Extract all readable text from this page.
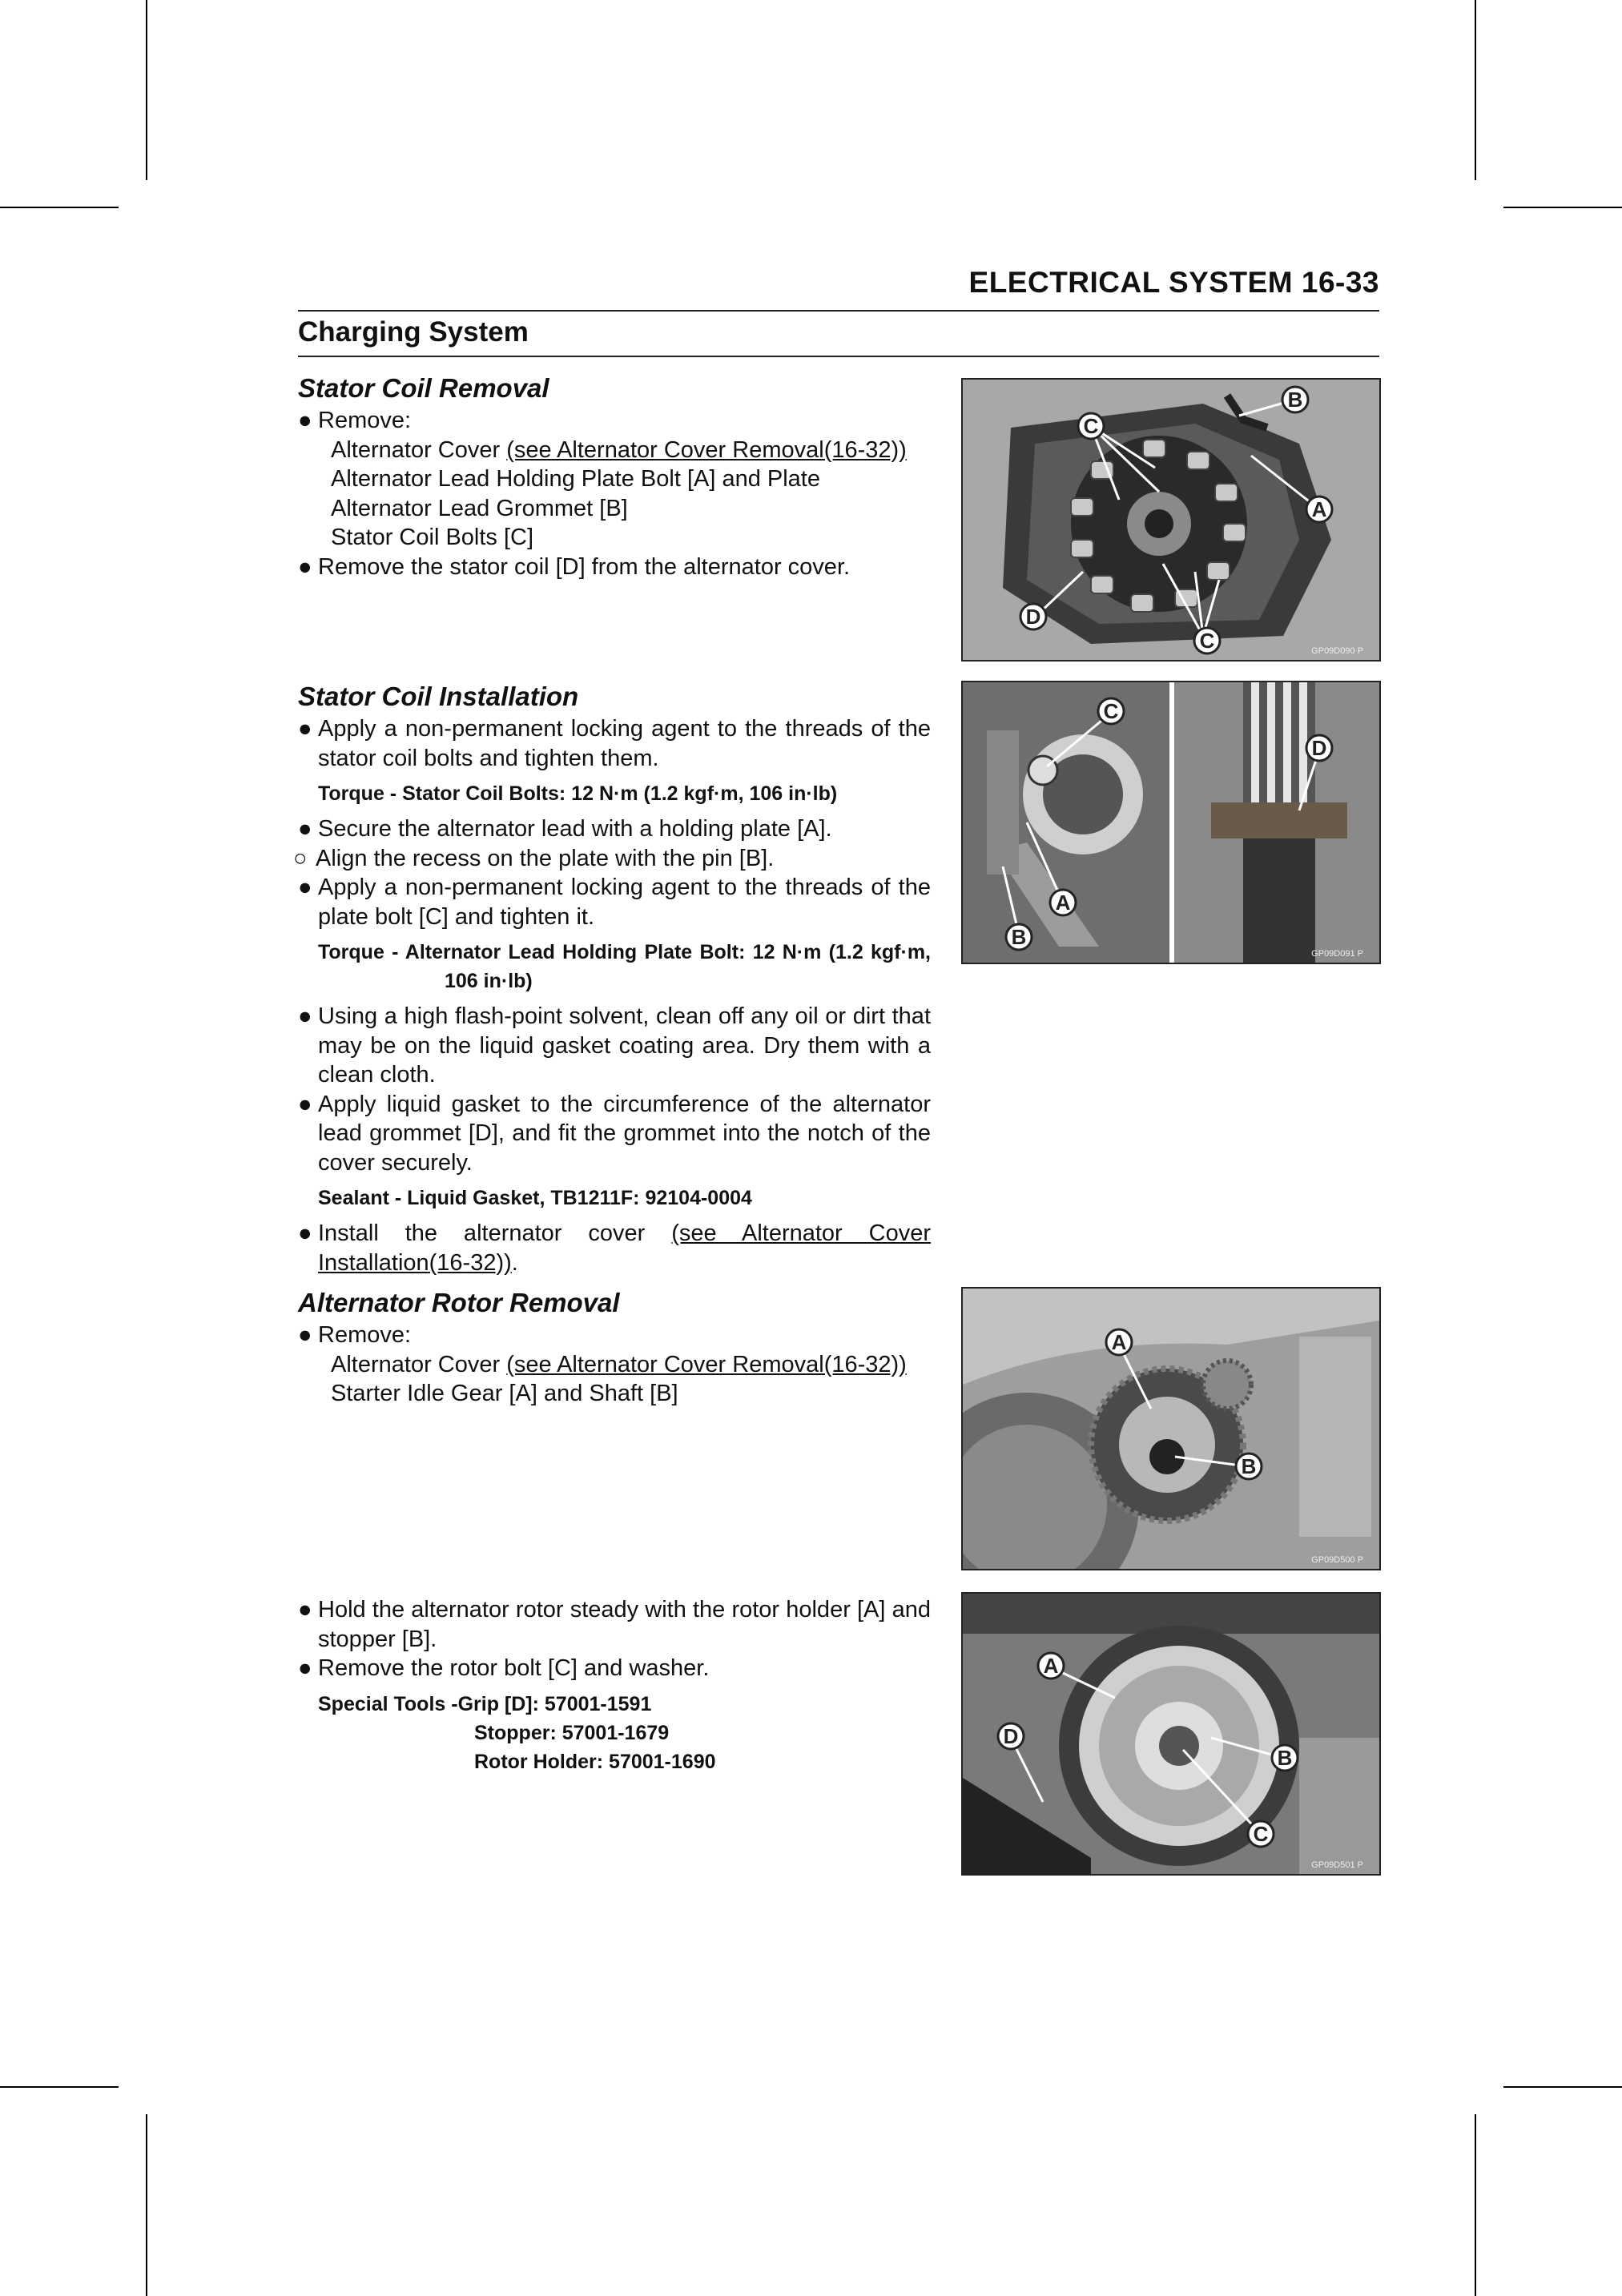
ELECTRICAL SYSTEM 16-33
Charging System
Stator Coil Removal

● Remove:

Alternator Cover (see Alternator Cover Removal(16-32))

Alternator Lead Holding Plate Bolt [A] and Plate

Alternator Lead Grommet [B]

Stator Coil Bolts [C]

● Remove the stator coil [D] from the alternator cover.

Stator Coil Installation

● Apply a non-permanent locking agent to the threads of the stator coil bolts and tighten them.

Torque - Stator Coil Bolts: 12 N·m (1.2 kgf·m, 106 in·lb)

● Secure the alternator lead with a holding plate [A].

○ Align the recess on the plate with the pin [B].

● Apply a non-permanent locking agent to the threads of the plate bolt [C] and tighten it.

Torque - Alternator Lead Holding Plate Bolt: 12 N·m (1.2 kgf·m, 106 in·lb)

● Using a high flash-point solvent, clean off any oil or dirt that may be on the liquid gasket coating area. Dry them with a clean cloth.

● Apply liquid gasket to the circumference of the alternator lead grommet [D], and fit the grommet into the notch of the cover securely.

Sealant - Liquid Gasket, TB1211F: 92104-0004

● Install the alternator cover (see Alternator Cover Installation(16-32)).

Alternator Rotor Removal

● Remove:

Alternator Cover (see Alternator Cover Removal(16-32))

Starter Idle Gear [A] and Shaft [B]

● Hold the alternator rotor steady with the rotor holder [A] and stopper [B].

● Remove the rotor bolt [C] and washer.

Special Tools - Grip [D]: 57001-1591
Stopper: 57001-1679
Rotor Holder: 57001-1690
A
B
C
C
D
GP09D090 P
A
B
C
D
GP09D091 P
A
B
GP09D500 P
A
B
C
D
GP09D501 P
